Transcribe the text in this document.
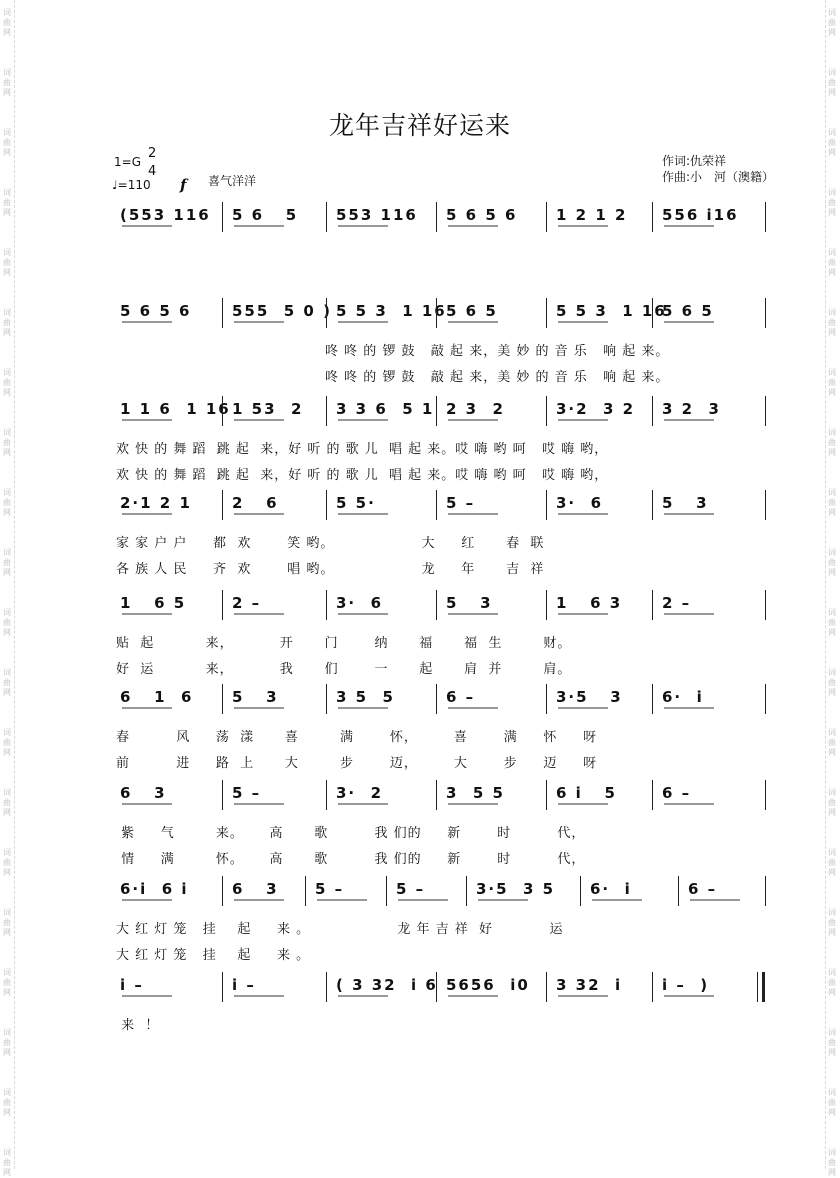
词
曲
网
词
曲
网
词
曲
网
词
曲
网
词
曲
网
词
曲
网
词
曲
网
词
曲
网
词
曲
网
词
曲
网
词
曲
网
词
曲
网
词
曲
网
词
曲
网
词
曲
网
词
曲
网
词
曲
网
词
曲
网
词
曲
网
词
曲
网
词
曲
网
词
曲
网
词
曲
网
词
曲
网
词
曲
网
词
曲
网
词
曲
网
词
曲
网
词
曲
网
词
曲
网
词
曲
网
词
曲
网
词
曲
网
词
曲
网
词
曲
网
词
曲
网
词
曲
网
词
曲
网
词
曲
网
词
曲
网
龙年吉祥好运来
1=G
2
4
♩=110 f 喜气洋洋
作词:仇荣祥
作曲:小　河（澳籍）
(553 116 5 6   5	553 116 5 6 5 6	1 2 1 2 556 i16
5 6 5 6	555  5 0 ) 5 5 3  1 16 5 6 5	5 5 3  1 16
5 6 5
咚 咚 的 锣 鼓   敲 起 来，美 妙 的 音 乐   响 起 来。
咚 咚 的 锣 鼓   敲 起 来，美 妙 的 音 乐   响 起 来。
1 1 6  1 16 1 53  2 3 3 6  5 1 2 3  2	3·2  3 2 3 2  3
欢 快 的 舞 蹈  跳 起  来，好 听 的 歌 儿  唱 起 来。哎 嗨 哟 呵   哎 嗨 哟，
欢 快 的 舞 蹈  跳 起  来，好 听 的 歌 儿  唱 起 来。哎 嗨 哟 呵   哎 嗨 哟，
2·1 2 1	2   6	5 5·	5 –	3·  6	5   3
家 家 户 户     都  欢       笑 哟。                 大     红      春  联
各 族 人 民     齐  欢       唱 哟。                 龙     年      吉  祥
1   6 5	2 –	3·  6	5   3	1   6 3	2 –
贴  起          来，         开      门       纳      福      福  生        财。
好  运          来，         我      们       一      起      肩  并        肩。
6   1  6	5   3	3 5  5	6 –	3·5   3	6·  i
春         风     荡  漾      喜        满       怀，       喜       满     怀     呀
前         进     路  上      大        步       迈，       大       步     迈     呀
6   3	5 –	3·  2	3  5 5	6 i   5	6 –
紫     气        来。     高      歌         我 们的     新       时         代，
情     满        怀。     高      歌         我 们的     新       时         代，
6·i  6 i	6   3 5 –	5 –	3·5  3 5 6·  i	6 –
大 红 灯 笼   挂    起     来 。                 龙 年 吉 祥  好           运
大 红 灯 笼   挂    起     来 。
i –	i –	( 3 32  i 6 5656  i0 3 32  i	i –  )
来  ！
